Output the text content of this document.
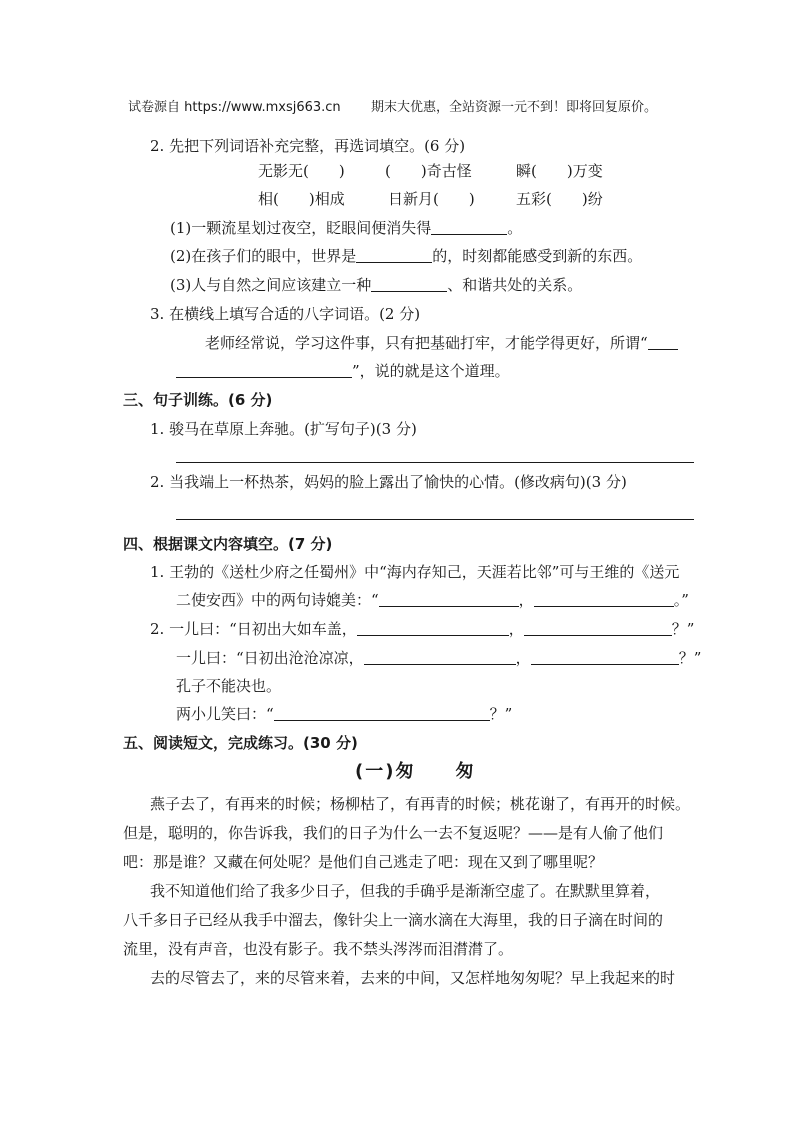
试卷源自 https://www.mxsj663.cn 期末大优惠，全站资源一元不到！即将回复原价。
2. 先把下列词语补充完整，再选词填空。(6 分)
无影无(　　)	(　　)奇古怪	瞬(　　)万变
相(　　)相成	日新月(　　)	五彩(　　)纷
(1)一颗流星划过夜空，眨眼间便消失得	。
(2)在孩子们的眼中，世界是	的，时刻都能感受到新的东西。
(3)人与自然之间应该建立一种	、和谐共处的关系。
3. 在横线上填写合适的八字词语。(2 分)
老师经常说，学习这件事，只有把基础打牢，才能学得更好，所谓“
”，说的就是这个道理。
三、句子训练。(6 分)
1. 骏马在草原上奔驰。(扩写句子)(3 分)
2. 当我端上一杯热茶，妈妈的脸上露出了愉快的心情。(修改病句)(3 分)
四、根据课文内容填空。(7 分)
1. 王勃的《送杜少府之任蜀州》中“海内存知己，天涯若比邻”可与王维的《送元
二使安西》中的两句诗媲美：“	，	。”
2. 一儿曰：“日初出大如车盖，	，	？”
一儿曰：“日初出沧沧凉凉，	，	？”
孔子不能决也。
两小儿笑曰：“	？”
五、阅读短文，完成练习。(30 分)
(一)匆　　匆
燕子去了，有再来的时候；杨柳枯了，有再青的时候；桃花谢了，有再开的时候。
但是，聪明的，你告诉我，我们的日子为什么一去不复返呢？——是有人偷了他们
吧：那是谁？又藏在何处呢？是他们自己逃走了吧：现在又到了哪里呢？
我不知道他们给了我多少日子，但我的手确乎是渐渐空虚了。在默默里算着，
八千多日子已经从我手中溜去，像针尖上一滴水滴在大海里，我的日子滴在时间的
流里，没有声音，也没有影子。我不禁头涔涔而泪潸潸了。
去的尽管去了，来的尽管来着，去来的中间，又怎样地匆匆呢？早上我起来的时
